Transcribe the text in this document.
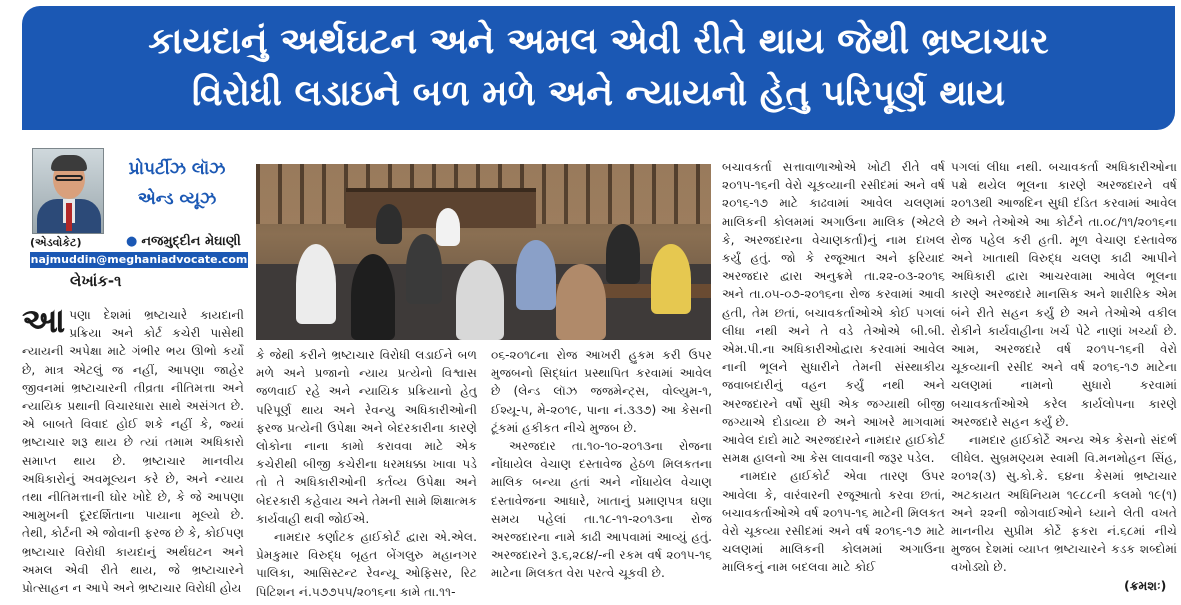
કાયદાનું અર્થઘટન અને અમલ એવી રીતે થાય જેથી ભ્રષ્ટાચાર
વિરોધી લડાઇને બળ મળે અને ન્યાયનો હેતુ પરિપૂર્ણ થાય
પ્રોપર્ટીઝ લૉઝ
એન્ડ વ્યૂઝ
(એડવોકેટ)	● નજમુદ્દીન મેઘાણી
najmuddin@meghaniadvocate.com
લેખાંક-૧

આપણા દેશમાં ભ્રષ્ટાચારે કાયદાની પ્રક્રિયા અને કોર્ટ કચેરી પાસેથી ન્યાયની અપેક્ષા માટે ગંભીર ભય ઊભો કર્યો છે, માત્ર એટલું જ નહીં, આપણા જાહેર જીવનમાં ભ્રષ્ટાચારની તીવ્રતા નીતિમત્તા અને ન્યાયિક પ્રથાની વિચારધારા સાથે અસંગત છે. એ બાબતે વિવાદ હોઈ શકે નહીં કે, જ્યાં ભ્રષ્ટાચાર શરૂ થાય છે ત્યાં તમામ અધિકારો સમાપ્ત થાય છે. ભ્રષ્ટાચાર માનવીય અધિકારોનું અવમૂલ્યન કરે છે, અને ન્યાય તથા નીતિમત્તાની ઘોર ખોદે છે, કે જે આપણા આમુખની દૂરદર્શિતાના પાયાના મૂલ્યો છે. તેથી, કોર્ટની એ જોવાની ફરજ છે કે, કોઈપણ ભ્રષ્ટાચાર વિરોધી કાયદાનું અર્થઘટન અને અમલ એવી રીતે થાય, જે ભ્રષ્ટાચારને પ્રોત્સાહન ન આપે અને ભ્રષ્ટાચાર વિરોધી હોય

કે જેથી કરીને ભ્રષ્ટાચાર વિરોધી લડાઈને બળ મળે અને પ્રજાનો ન્યાય પ્રત્યેનો વિશ્વાસ જળવાઈ રહે અને ન્યાયિક પ્રક્રિયાનો હેતુ પરિપૂર્ણ થાય અને રેવન્યુ અધિકારીઓની ફરજ પ્રત્યેની ઉપેક્ષા અને બેદરકારીના કારણે લોકોના નાના કામો કરાવવા માટે એક કચેરીથી બીજી કચેરીના ધરમધક્કા ખાવા પડે તો તે અધિકારીઓની કર્તવ્ય ઉપેક્ષા અને બેદરકારી કહેવાય અને તેમની સામે શિક્ષાત્મક કાર્યવાહી થવી જોઈએ.

નામદાર કર્ણાટક હાઈકોર્ટ દ્વારા એ.એલ. પ્રેમકુમાર વિરુદ્ધ બૃહત બેંગલુરુ મહાનગર પાલિકા, આસિસ્ટન્ટ રેવન્યૂ ઓફિસર, રિટ પિટિશન નં.૫૭૭૫૫/૨૦૧૬ના કામે તા.૧૧-

૦૬-૨૦૧૮ના રોજ આખરી હુકમ કરી ઉપર મુજબનો સિદ્ધાંત પ્રસ્થાપિત કરવામાં આવેલ છે (લેન્ડ લૉઝ જજમેન્ટ્સ, વોલ્યુમ-૧, ઈશ્યૂ-૫, મે-૨૦૧૯, પાના નં.૩૩૭) આ કેસની ટૂંકમાં હકીકત નીચે મુજબ છે.

અરજદાર તા.૧૦-૧૦-૨૦૧૩ના રોજના નોંધાયેલ વેચાણ દસ્તાવેજ હેઠળ મિલકતના માલિક બન્યા હતાં અને નોંધાયેલ વેચાણ દસ્તાવેજના આધારે, ખાતાનું પ્રમાણપત્ર ઘણા સમય પહેલાં તા.૧૮-૧૧-૨૦૧૩ના રોજ અરજદારના નામે કાઢી આપવામાં આવ્યું હતું. અરજદારને રૂ.૬,૨૮૪/-ની રકમ વર્ષ ૨૦૧૫-૧૬ માટેના મિલકત વેરા પરત્વે ચૂકવી છે.

બચાવકર્તા સત્તાવાળાઓએ ખોટી રીતે વર્ષ ૨૦૧૫-૧૬ની વેરો ચૂકવ્યાની રસીદમાં અને વર્ષ ૨૦૧૬-૧૭ માટે કાઢવામાં આવેલ ચલણમાં માલિકની કોલમમાં અગાઉના માલિક (એટલે કે, અરજદારના વેચાણકર્તા)નું નામ દાખલ કર્યું હતું. જો કે રજૂઆત અને ફરિયાદ અરજદાર દ્વારા અનુક્રમે તા.૨૨-૦૩-૨૦૧૬ અને તા.૦૫-૦૭-૨૦૧૬ના રોજ કરવામાં આવી હતી, તેમ છતાં, બચાવકર્તાઓએ કોઈ પગલાં લીધા નથી અને તે વડે તેઓએ બી.બી. એમ.પી.ના અધિકારીઓદ્વારા કરવામાં આવેલ નાની ભૂલને સુધારીને તેમની સંસ્થાકીય જવાબદારીનું વહન કર્યું નથી અને અરજદારને વર્ષો સુધી એક જગ્યાથી બીજી જગ્યાએ દોડાવ્યા છે અને આખરે માગવામાં આવેલ દાદો માટે અરજદારને નામદાર હાઈકોર્ટ સમક્ષ હાલનો આ કેસ લાવવાની જરૂર પડેલ.

નામદાર હાઈકોર્ટ એવા તારણ ઉપર આવેલા કે, વારંવારની રજૂઆતો કરવા છતાં, બચાવકર્તાઓએ વર્ષ ૨૦૧૫-૧૬ માટેની મિલકત વેરો ચૂકવ્યા રસીદમાં અને વર્ષ ૨૦૧૬-૧૭ માટે ચલણમાં માલિકની કોલમમાં અગાઉના માલિકનું નામ બદલવા માટે કોઈ

પગલાં લીધા નથી. બચાવકર્તા અધિકારીઓના પક્ષે થયેલ ભૂલના કારણે અરજદારને વર્ષ ૨૦૧૩થી આજદિન સુધી દંડિત કરવામાં આવેલ છે અને તેઓએ આ કોર્ટને તા.૦૮/૧૧/૨૦૧૬ના રોજ પહેલ કરી હતી. મૂળ વેચાણ દસ્તાવેજ અને ખાતાથી વિરુદ્ધ ચલણ કાઢી આપીને અધિકારી દ્વારા આચરવામા આવેલ ભૂલના કારણે અરજદારે માનસિક અને શારીરિક એમ બંને રીતે સહન કર્યું છે અને તેઓએ વકીલ રોકીને કાર્યવાહીના ખર્ચ પેટે નાણાં ખર્ચ્યા છે. આમ, અરજદારે વર્ષ ૨૦૧૫-૧૬ની વેરો ચૂકવ્યાની રસીદ અને વર્ષ ૨૦૧૬-૧૭ માટેના ચલણમાં નામનો સુધારો કરવામાં બચાવકર્તાઓએ કરેલ કાર્યલોપના કારણે અરજદારે સહન કર્યું છે.

નામદાર હાઈકોર્ટે અન્ય એક કેસનો સંદર્ભ લીધેલ. સુબ્રમણ્યમ સ્વામી વિ.મનમોહન સિંહ, ૨૦૧૨(૩) સુ.કો.કે. ૬૪ના કેસમાં ભ્રષ્ટાચાર અટકાયત અધિનિયમ ૧૯૮૮ની કલમો ૧૯(૧) અને ૨૨ની જોગવાઈઓને ધ્યાને લેતી વખતે માનનીય સુપ્રીમ કોર્ટે ફકરા નં.૬૮માં નીચે મુજબ દેશમાં વ્યાપ્ત ભ્રષ્ટાચારને કડક શબ્દોમાં વખોડ્યો છે.

(ક્રમશઃ)
